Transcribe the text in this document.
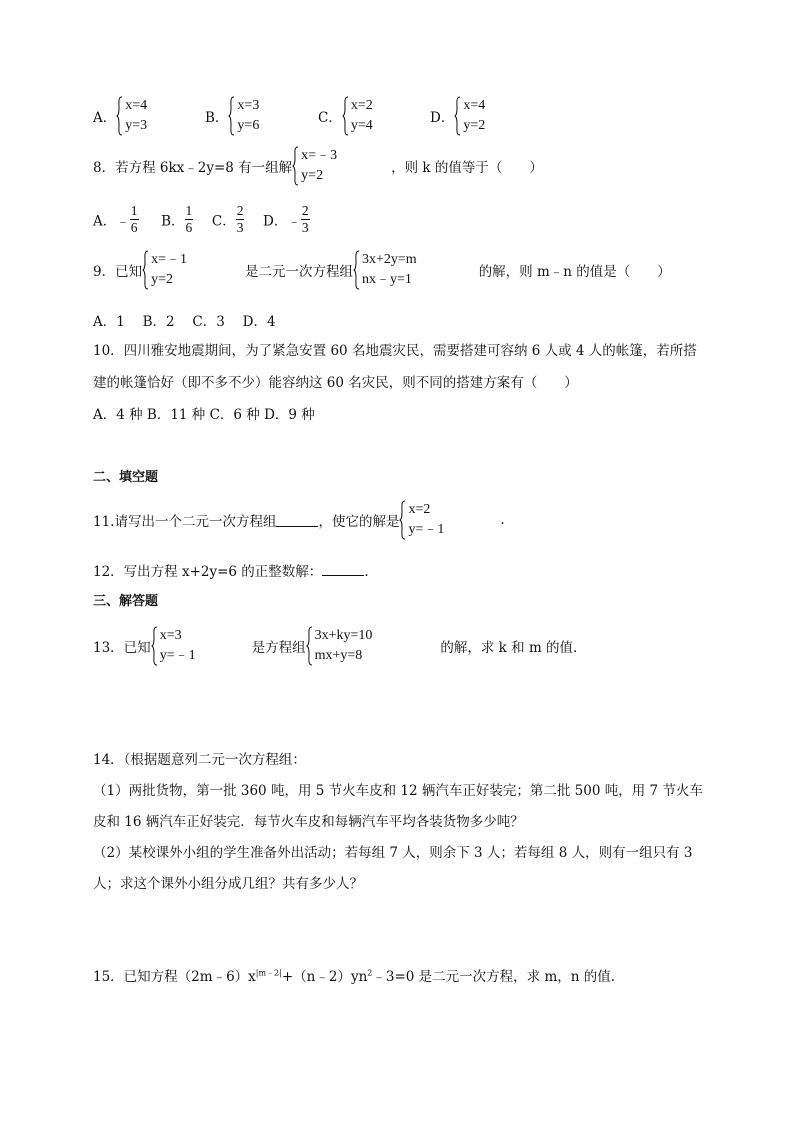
A．
x=4
y=3	B．
x=3
y=6	C．
x=2
y=4	D．
x=4
y=2
8．若方程 6kx﹣2y=8 有一组解
x=﹣3
y=2	，则 k 的值等于（　　）
A．﹣ $\frac{1}{6}$ B． $\frac{1}{6}$ C． $\frac{2}{3}$ D．﹣ $\frac{2}{3}$
9．已知
x=﹣1
y=2	是二元一次方程组
3x+2y=m
nx﹣y=1	的解，则 m﹣n 的值是（　　）
A．1　 B．2　 C．3　 D．4
10．四川雅安地震期间，为了紧急安置 60 名地震灾民，需要搭建可容纳 6 人或 4 人的帐篷，若所搭
建的帐篷恰好（即不多不少）能容纳这 60 名灾民，则不同的搭建方案有（　　）
A．4 种 B．11 种 C．6 种 D．9 种
二、填空题
11.请写出一个二元一次方程组	，使它的解是
x=2
y=﹣1
.
12．写出方程 x+2y=6 的正整数解：	.
三、解答题
13．已知
x=3
y=﹣1	是方程组
3x+ky=10
mx+y=8	的解，求 k 和 m 的值.
14．（根据题意列二元一次方程组：
（1）两批货物，第一批 360 吨，用 5 节火车皮和 12 辆汽车正好装完；第二批 500 吨，用 7 节火车
皮和 16 辆汽车正好装完．每节火车皮和每辆汽车平均各装货物多少吨？
（2）某校课外小组的学生准备外出活动；若每组 7 人，则余下 3 人；若每组 8 人，则有一组只有 3
人；求这个课外小组分成几组？共有多少人？
15．已知方程$(2m﹣6)x^{|m﹣2|}+(n﹣2)yn^2﹣3=0$ 是二元一次方程，求 m，n 的值.
